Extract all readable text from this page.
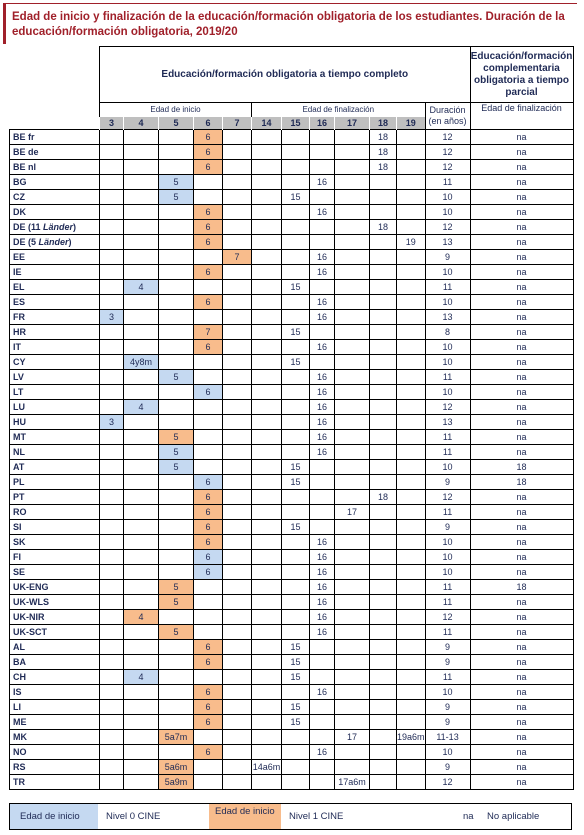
Edad de inicio y finalización de la educación/formación obligatoria de los estudiantes. Duración de la educación/formación obligatoria, 2019/20

	Educación/formación obligatoria a tiempo completo												Educación/formación complementaria obligatoria a tiempo parcial
	Edad de inicio					Edad de finalización						Duración (en años)	Edad de finalización
	3	4	5	6	7	14	15	16	17	18	19		
BE fr				6						18		12	na
BE de				6						18		12	na
BE nl				6						18		12	na
BG			5					16				11	na
CZ			5				15					10	na
DK				6				16				10	na
DE (11 Länder)				6						18		12	na
DE (5 Länder)				6							19	13	na
EE					7			16				9	na
IE				6				16				10	na
EL		4					15					11	na
ES				6				16				10	na
FR	3							16				13	na
HR				7			15					8	na
IT				6				16				10	na
CY		4y8m					15					10	na
LV			5					16				11	na
LT				6				16				10	na
LU		4						16				12	na
HU	3							16				13	na
MT			5					16				11	na
NL			5					16				11	na
AT			5				15					10	18
PL				6			15					9	18
PT				6						18		12	na
RO				6					17			11	na
SI				6			15					9	na
SK				6				16				10	na
FI				6				16				10	na
SE				6				16				10	na
UK-ENG			5					16				11	18
UK-WLS			5					16				11	na
UK-NIR		4						16				12	na
UK-SCT			5					16				11	na
AL				6			15					9	na
BA				6			15					9	na
CH		4					15					11	na
IS				6				16				10	na
LI				6			15					9	na
ME				6			15					9	na
MK			5a7m						17		19a6m	11-13	na
NO				6				16				10	na
RS			5a6m			14a6m						9	na
TR			5a9m						17a6m			12	na
Edad de inicio	Nivel 0 CINE	Edad de inicio	Nivel 1 CINE	na No aplicable
